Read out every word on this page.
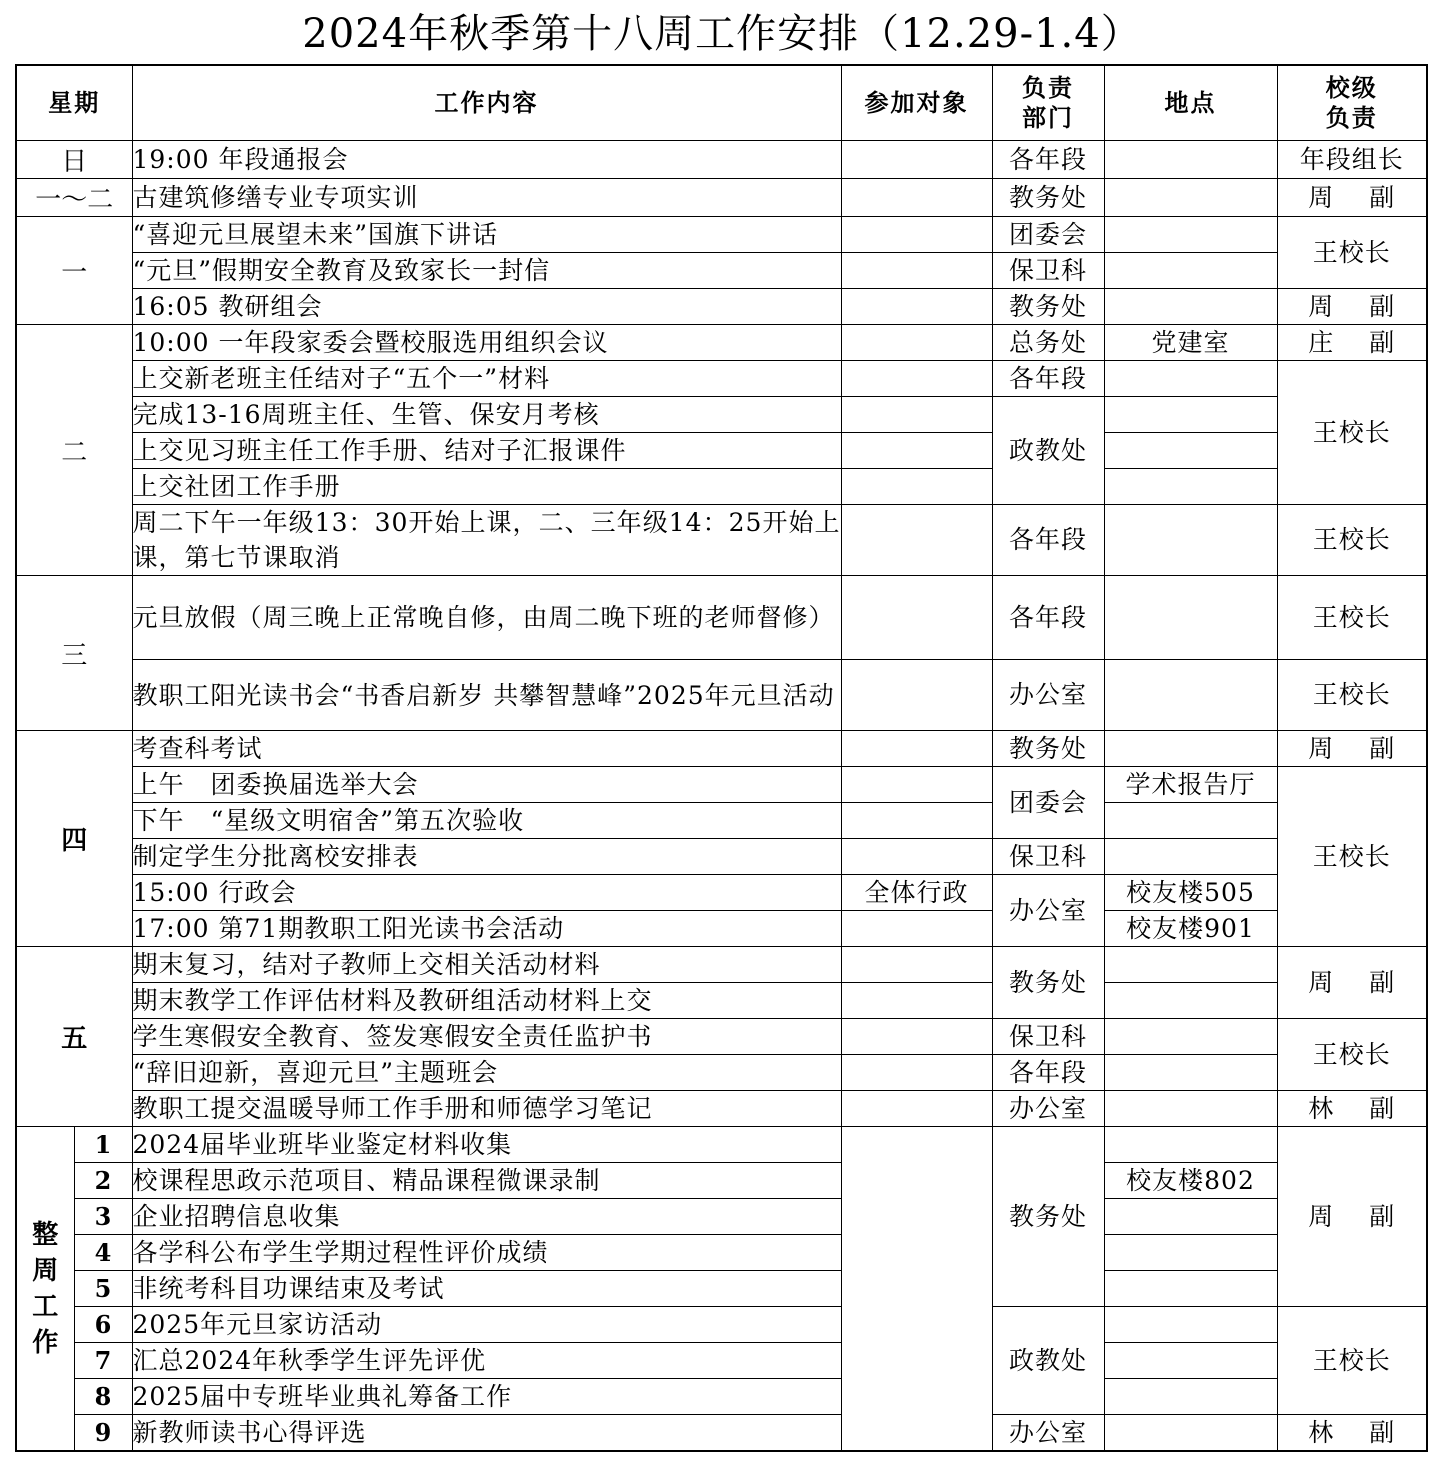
2024年秋季第十八周工作安排（12.29-1.4）
星期		工作内容	参加对象	负责部门	地点	校级负责

日		19:00 年段通报会		各年段		年段组长
一～二		古建筑修缮专业专项实训		教务处		周　 副
一		“喜迎元旦展望未来”国旗下讲话		团委会		王校长
		“元旦”假期安全教育及致家长一封信		保卫科		
		16:05 教研组会		教务处		周　 副
二		10:00 一年段家委会暨校服选用组织会议		总务处	党建室	庄　 副
		上交新老班主任结对子“五个一”材料		各年段		王校长
		完成13-16周班主任、生管、保安月考核		政教处		
		上交见习班主任工作手册、结对子汇报课件				
		上交社团工作手册				
		周二下午一年级13：30开始上课，二、三年级14：25开始上课，第七节课取消		各年段		王校长
三		元旦放假（周三晚上正常晚自修，由周二晚下班的老师督修）		各年段		王校长
		教职工阳光读书会“书香启新岁 共攀智慧峰”2025年元旦活动		办公室		王校长
四		考查科考试		教务处		周　 副
		上午　团委换届选举大会		团委会	学术报告厅	王校长
		下午　“星级文明宿舍”第五次验收				
		制定学生分批离校安排表		保卫科		
		15:00 行政会	全体行政	办公室	校友楼505	
		17:00 第71期教职工阳光读书会活动			校友楼901	
五		期末复习，结对子教师上交相关活动材料		教务处		周　 副
		期末教学工作评估材料及教研组活动材料上交				
		学生寒假安全教育、签发寒假安全责任监护书		保卫科		王校长
		“辞旧迎新，喜迎元旦”主题班会		各年段		
		教职工提交温暖导师工作手册和师德学习笔记		办公室		林　 副

整周工作	1	2024届毕业班毕业鉴定材料收集		教务处		周　 副
	2	校课程思政示范项目、精品课程微课录制			校友楼802	
	3	企业招聘信息收集				
	4	各学科公布学生学期过程性评价成绩				
	5	非统考科目功课结束及考试				
	6	2025年元旦家访活动		政教处		王校长
	7	汇总2024年秋季学生评先评优				
	8	2025届中专班毕业典礼筹备工作				
	9	新教师读书心得评选		办公室		林　 副
